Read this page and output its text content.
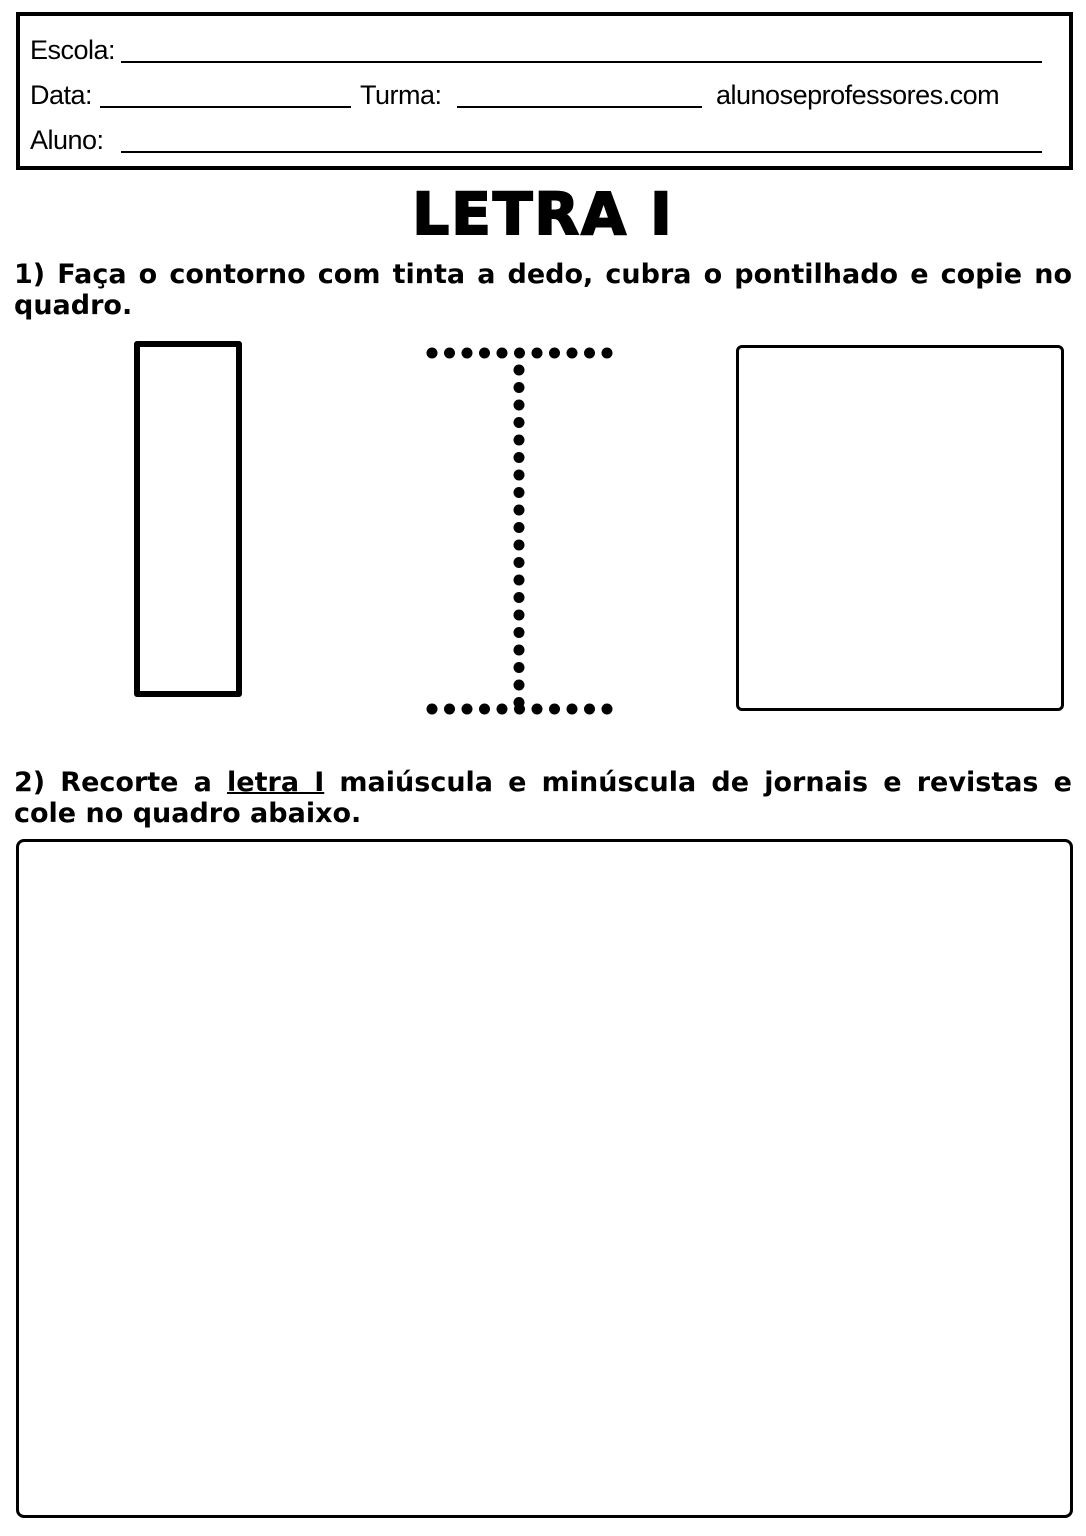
Escola:
Data:	Turma:	alunoseprofessores.com
Aluno:
LETRA I
1) Faça o contorno com tinta a dedo, cubra o pontilhado e copie no quadro.
2) Recorte a letra I maiúscula e minúscula de jornais e revistas e cole no quadro abaixo.
